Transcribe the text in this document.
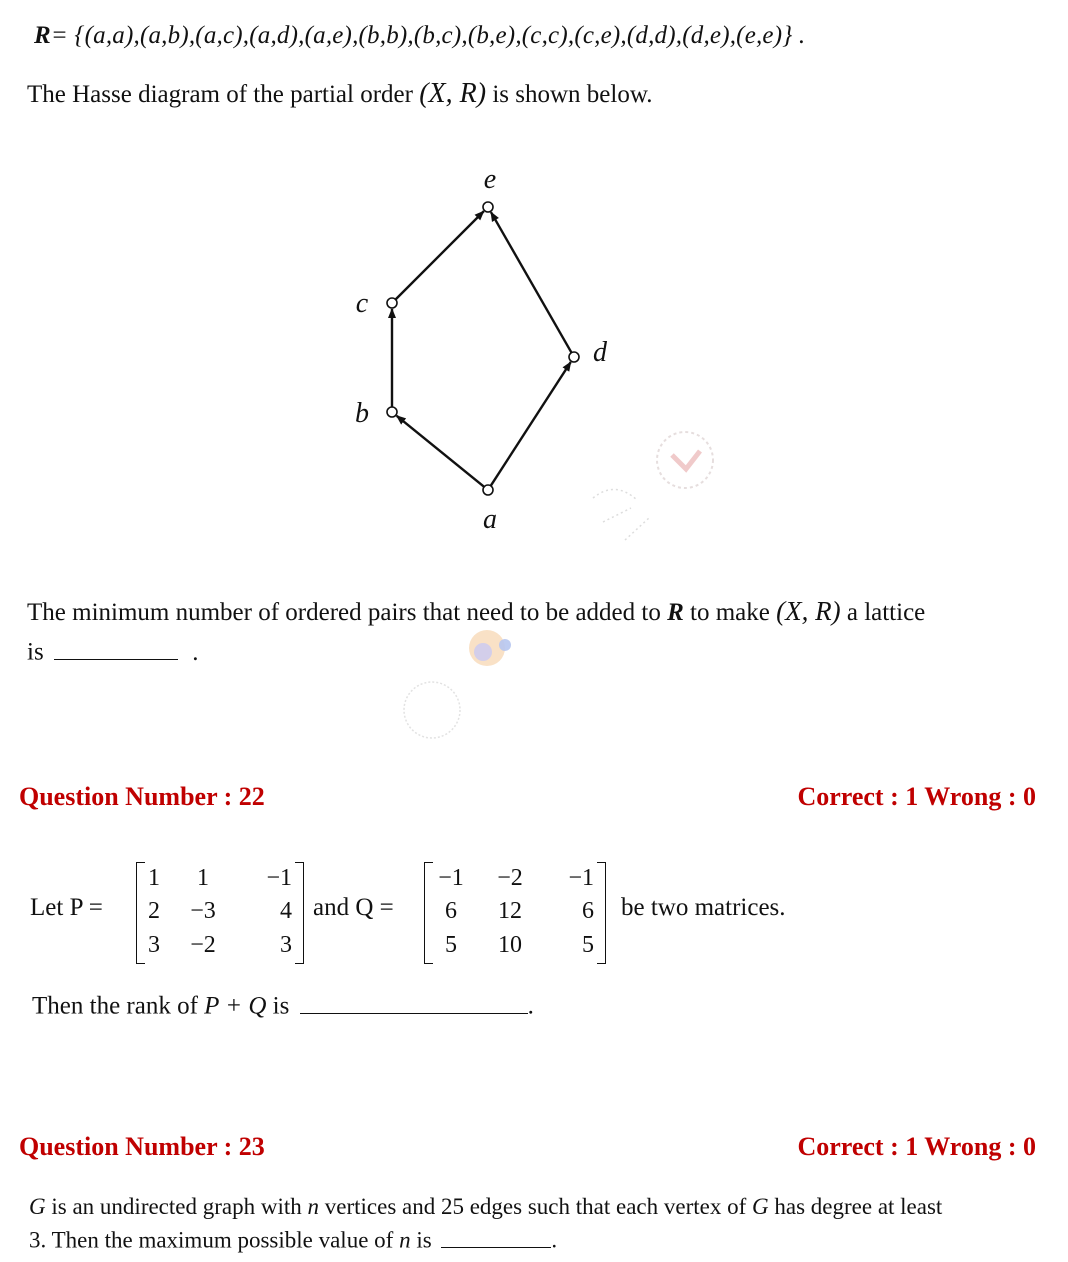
R= {(a,a),(a,b),(a,c),(a,d),(a,e),(b,b),(b,c),(b,e),(c,c),(c,e),(d,d),(d,e),(e,e)} .
The Hasse diagram of the partial order (X, R) is shown below.
a
b
c
d
e
The minimum number of ordered pairs that need to be added to R to make (X, R) a lattice
is	.
Question Number : 22	Correct : 1 Wrong : 0
Let P =
1	1	−1
2	−3	4
3	−2	3
and Q =
−1	−2	−1
6	12	6
5	10	5
be two matrices.
Then the rank of P + Q is	.
Question Number : 23	Correct : 1 Wrong : 0
G is an undirected graph with n vertices and 25 edges such that each vertex of G has degree at least
3. Then the maximum possible value of n is	.
